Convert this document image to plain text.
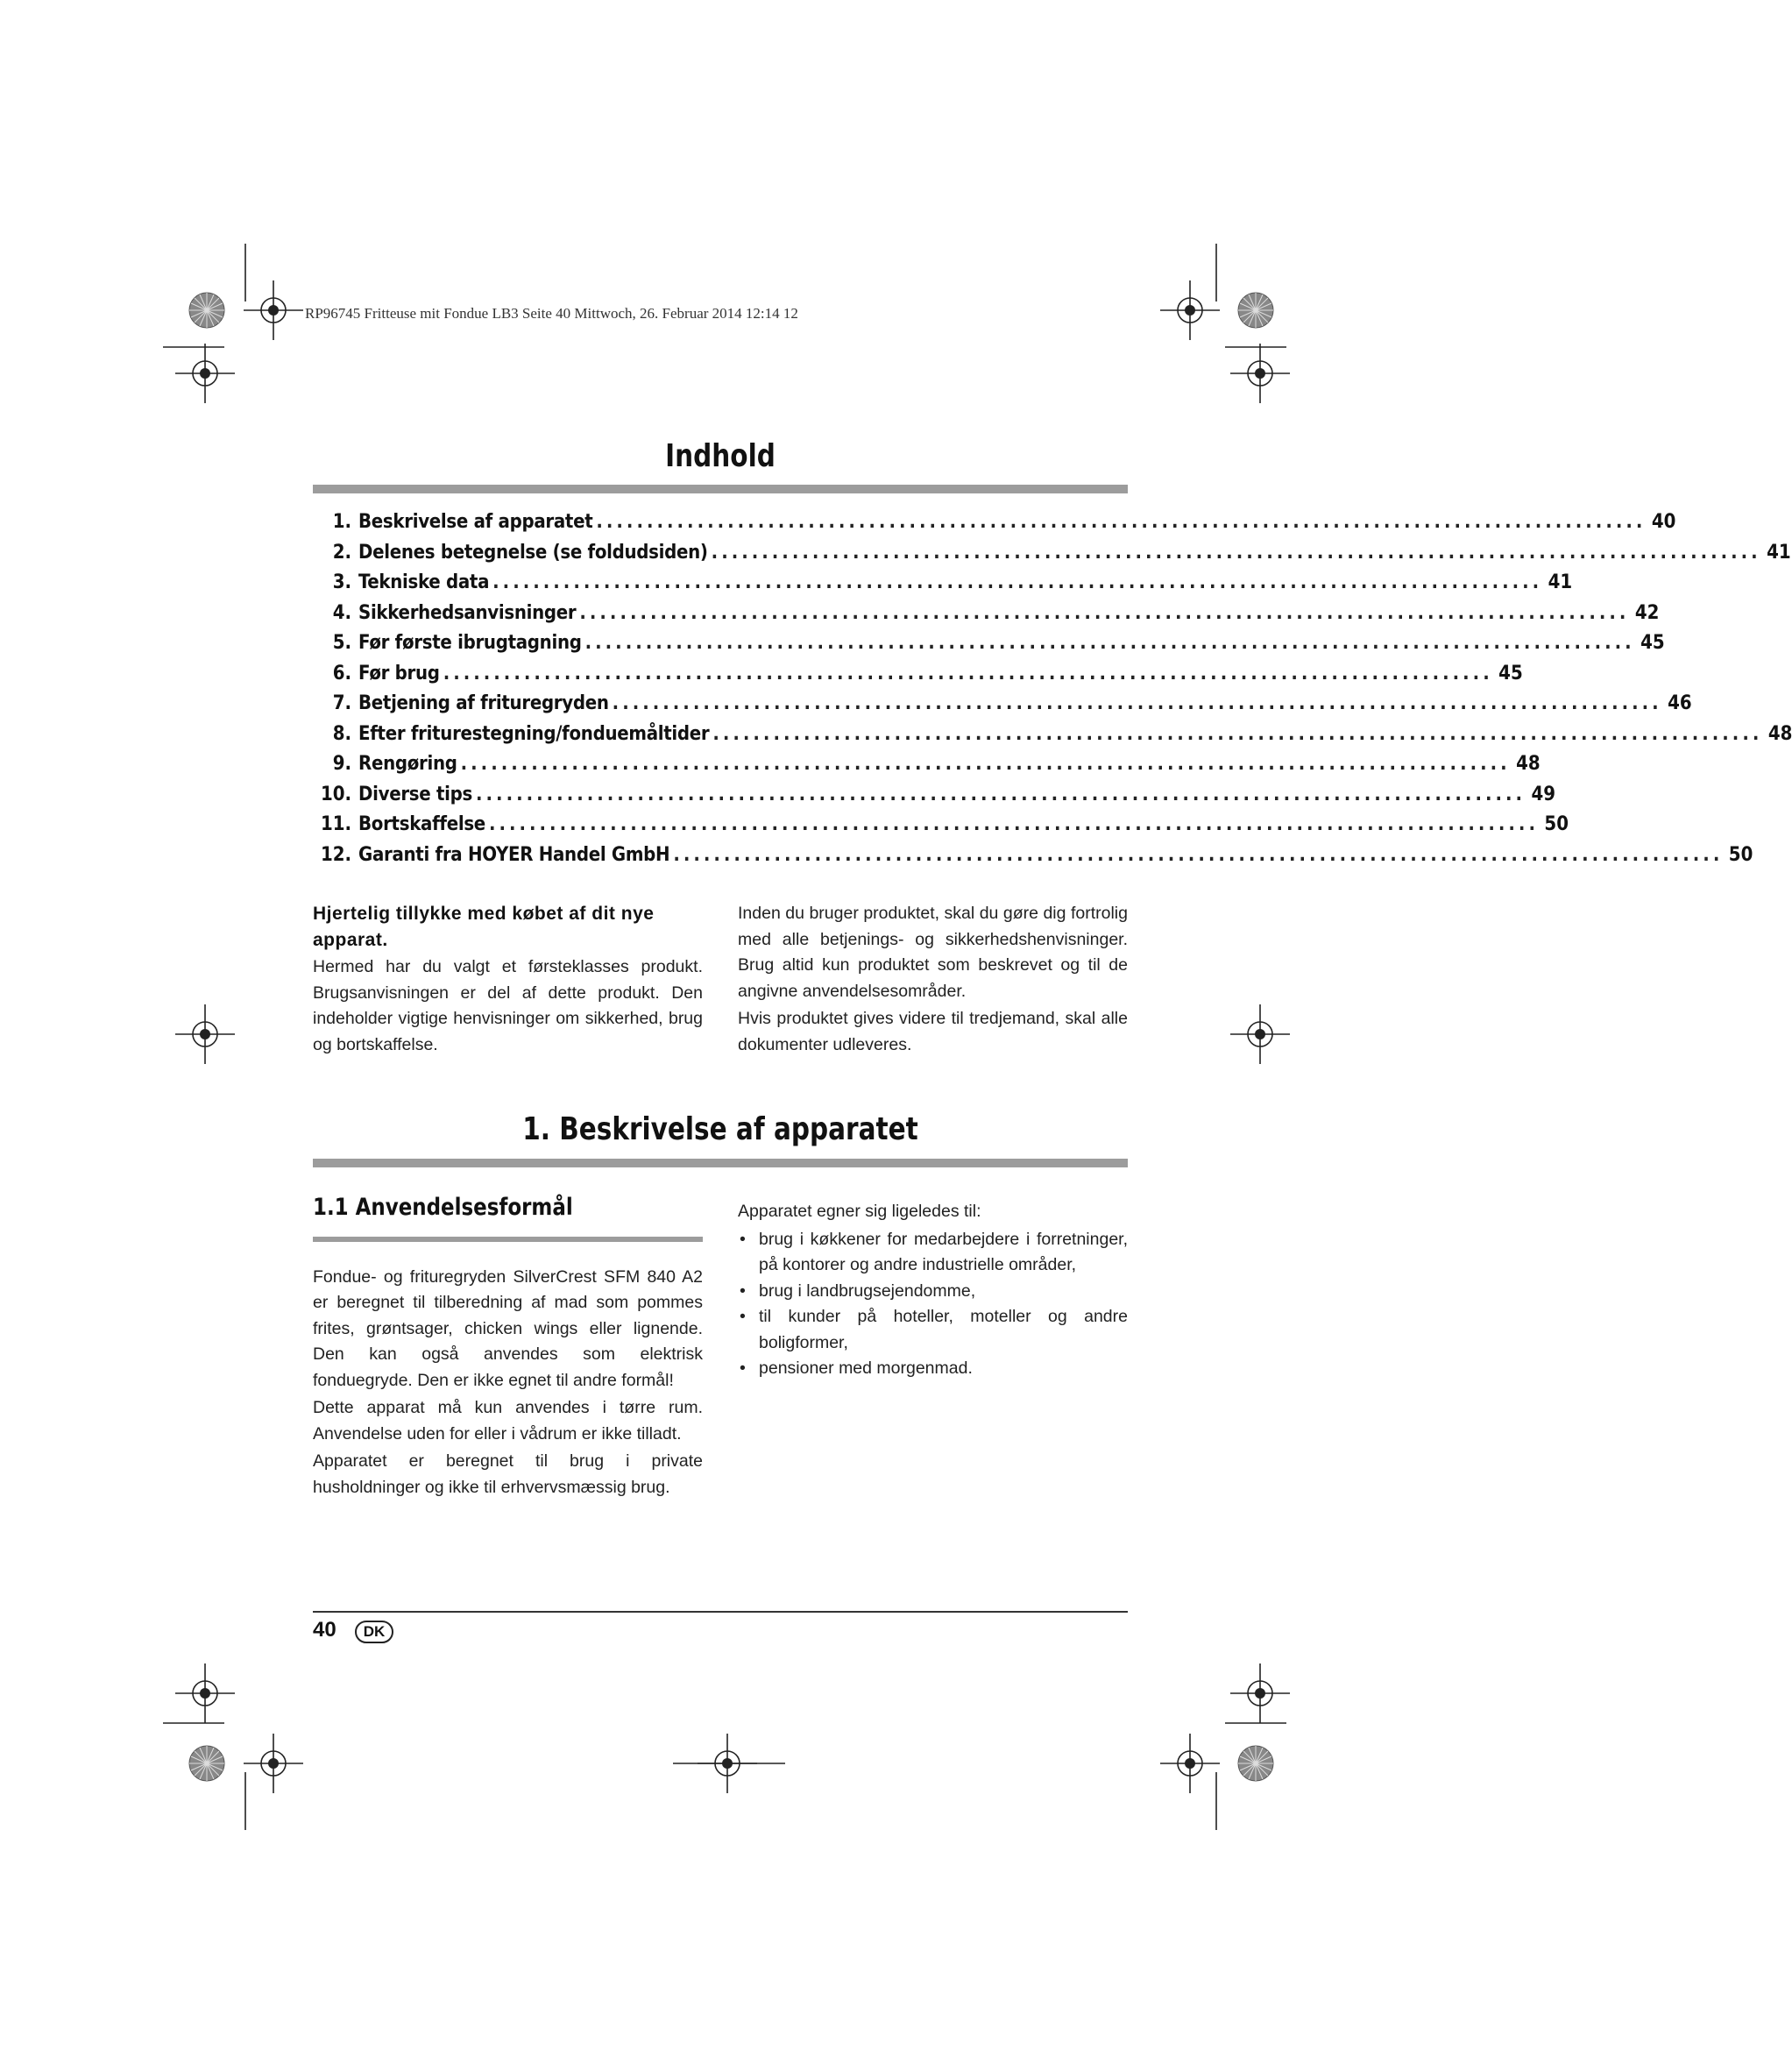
RP96745 Fritteuse mit Fondue LB3 Seite 40 Mittwoch, 26. Februar 2014 12:14 12
Indhold
1. Beskrivelse af apparatet ........................................................................................................ 40
2. Delenes betegnelse (se foldudsiden) ........................................................................................................ 41
3. Tekniske data ........................................................................................................ 41
4. Sikkerhedsanvisninger ........................................................................................................ 42
5. Før første ibrugtagning ........................................................................................................ 45
6. Før brug ........................................................................................................ 45
7. Betjening af frituregryden ........................................................................................................ 46
8. Efter friturestegning/fonduemåltider ........................................................................................................ 48
9. Rengøring ........................................................................................................ 48
10. Diverse tips ........................................................................................................ 49
11. Bortskaffelse ........................................................................................................ 50
12. Garanti fra HOYER Handel GmbH ........................................................................................................ 50

Hjertelig tillykke med købet af dit nye apparat.

Hermed har du valgt et førsteklasses produkt. Brugsanvisningen er del af dette produkt. Den indeholder vigtige henvisninger om sikkerhed, brug og bortskaffelse.

Inden du bruger produktet, skal du gøre dig fortrolig med alle betjenings- og sikkerhedshenvisninger. Brug altid kun produktet som beskrevet og til de angivne anvendelsesområder.

Hvis produktet gives videre til tredjemand, skal alle dokumenter udleveres.

1. Beskrivelse af apparatet
1.1 Anvendelsesformål

Fondue- og frituregryden SilverCrest SFM 840 A2 er beregnet til tilberedning af mad som pommes frites, grøntsager, chicken wings eller lignende. Den kan også anvendes som elektrisk fonduegryde. Den er ikke egnet til andre formål!

Dette apparat må kun anvendes i tørre rum. Anvendelse uden for eller i vådrum er ikke tilladt.

Apparatet er beregnet til brug i private husholdninger og ikke til erhvervsmæssig brug.

Apparatet egner sig ligeledes til:

• brug i køkkener for medarbejdere i forretninger, på kontorer og andre industrielle områder,
• brug i landbrugsejendomme,
• til kunder på hoteller, moteller og andre boligformer,
• pensioner med morgenmad.
40	DK
